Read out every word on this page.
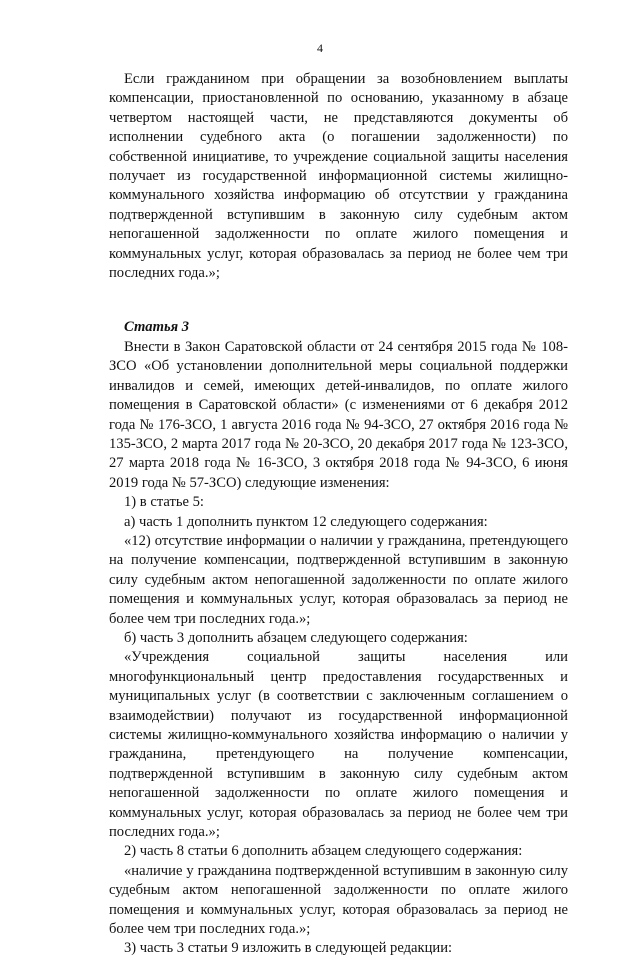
4

Если гражданином при обращении за возобновлением выплаты компенсации, приостановленной по основанию, указанному в абзаце четвертом настоящей части, не представляются документы об исполнении судебного акта (о погашении задолженности) по собственной инициативе, то учреждение социальной защиты населения получает из государственной информационной системы жилищно-коммунального хозяйства информацию об отсутствии у гражданина подтвержденной вступившим в законную силу судебным актом непогашенной задолженности по оплате жилого помещения и коммунальных услуг, которая образовалась за период не более чем три последних года.»;

Статья 3

Внести в Закон Саратовской области от 24 сентября 2015 года № 108-ЗСО «Об установлении дополнительной меры социальной поддержки инвалидов и семей, имеющих детей-инвалидов, по оплате жилого помещения в Саратовской области» (с изменениями от 6 декабря 2012 года № 176-ЗСО, 1 августа 2016 года № 94-ЗСО, 27 октября 2016 года № 135-ЗСО, 2 марта 2017 года № 20-ЗСО, 20 декабря 2017 года № 123-ЗСО, 27 марта 2018 года № 16-ЗСО, 3 октября 2018 года № 94-ЗСО, 6 июня 2019 года № 57-ЗСО) следующие изменения:

1) в статье 5:

а) часть 1 дополнить пунктом 12 следующего содержания:

«12) отсутствие информации о наличии у гражданина, претендующего на получение компенсации, подтвержденной вступившим в законную силу судебным актом непогашенной задолженности по оплате жилого помещения и коммунальных услуг, которая образовалась за период не более чем три последних года.»;

б) часть 3 дополнить абзацем следующего содержания:

«Учреждения социальной защиты населения или многофункциональный центр предоставления государственных и муниципальных услуг (в соответствии с заключенным соглашением о взаимодействии) получают из государственной информационной системы жилищно-коммунального хозяйства информацию о наличии у гражданина, претендующего на получение компенсации, подтвержденной вступившим в законную силу судебным актом непогашенной задолженности по оплате жилого помещения и коммунальных услуг, которая образовалась за период не более чем три последних года.»;

2) часть 8 статьи 6 дополнить абзацем следующего содержания:

«наличие у гражданина подтвержденной вступившим в законную силу судебным актом непогашенной задолженности по оплате жилого помещения и коммунальных услуг, которая образовалась за период не более чем три последних года.»;

3) часть 3 статьи 9 изложить в следующей редакции:
